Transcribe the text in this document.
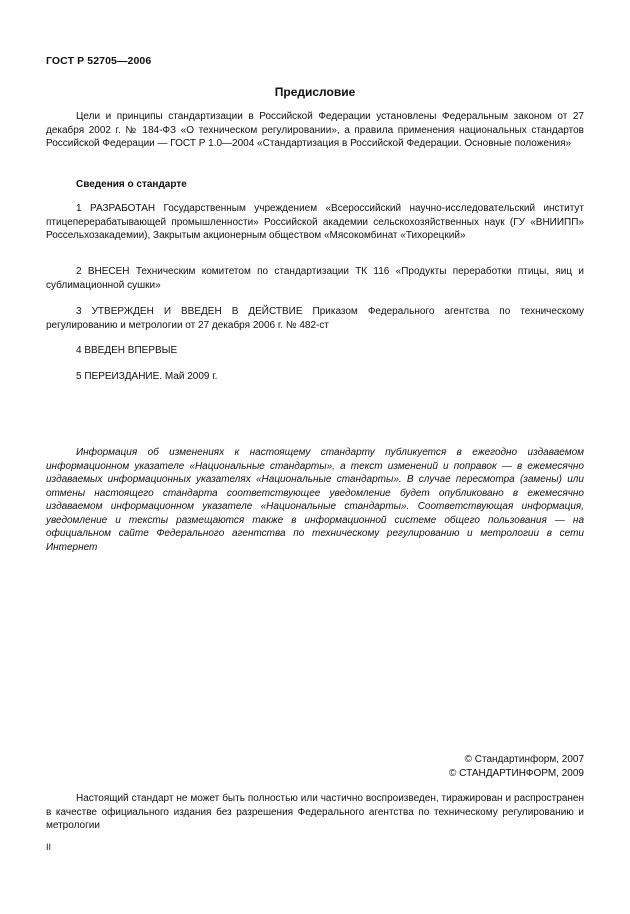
ГОСТ Р 52705—2006
Предисловие

Цели и принципы стандартизации в Российской Федерации установлены Федеральным законом от 27 декабря 2002 г. № 184-ФЗ «О техническом регулировании», а правила применения национальных стандартов Российской Федерации — ГОСТ Р 1.0—2004 «Стандартизация в Российской Федерации. Основные положения»

Сведения о стандарте

1 РАЗРАБОТАН Государственным учреждением «Всероссийский научно-исследовательский институт птицеперерабатывающей промышленности» Российской академии сельскохозяйственных наук (ГУ «ВНИИПП» Россельхозакадемии), Закрытым акционерным обществом «Мясокомбинат «Тихорецкий»

2 ВНЕСЕН Техническим комитетом по стандартизации ТК 116 «Продукты переработки птицы, яиц и сублимационной сушки»

3 УТВЕРЖДЕН И ВВЕДЕН В ДЕЙСТВИЕ Приказом Федерального агентства по техническому регулированию и метрологии от 27 декабря 2006 г. № 482-ст

4 ВВЕДЕН ВПЕРВЫЕ

5 ПЕРЕИЗДАНИЕ. Май 2009 г.

Информация об изменениях к настоящему стандарту публикуется в ежегодно издаваемом информационном указателе «Национальные стандарты», а текст изменений и поправок — в ежемесячно издаваемых информационных указателях «Национальные стандарты». В случае пересмотра (замены) или отмены настоящего стандарта соответствующее уведомление будет опубликовано в ежемесячно издаваемом информационном указателе «Национальные стандарты». Соответствующая информация, уведомление и тексты размещаются также в информационной системе общего пользования — на официальном сайте Федерального агентства по техническому регулированию и метрологии в сети Интернет

© Стандартинформ, 2007
© СТАНДАРТИНФОРМ, 2009

Настоящий стандарт не может быть полностью или частично воспроизведен, тиражирован и распространен в качестве официального издания без разрешения Федерального агентства по техническому регулированию и метрологии

II
